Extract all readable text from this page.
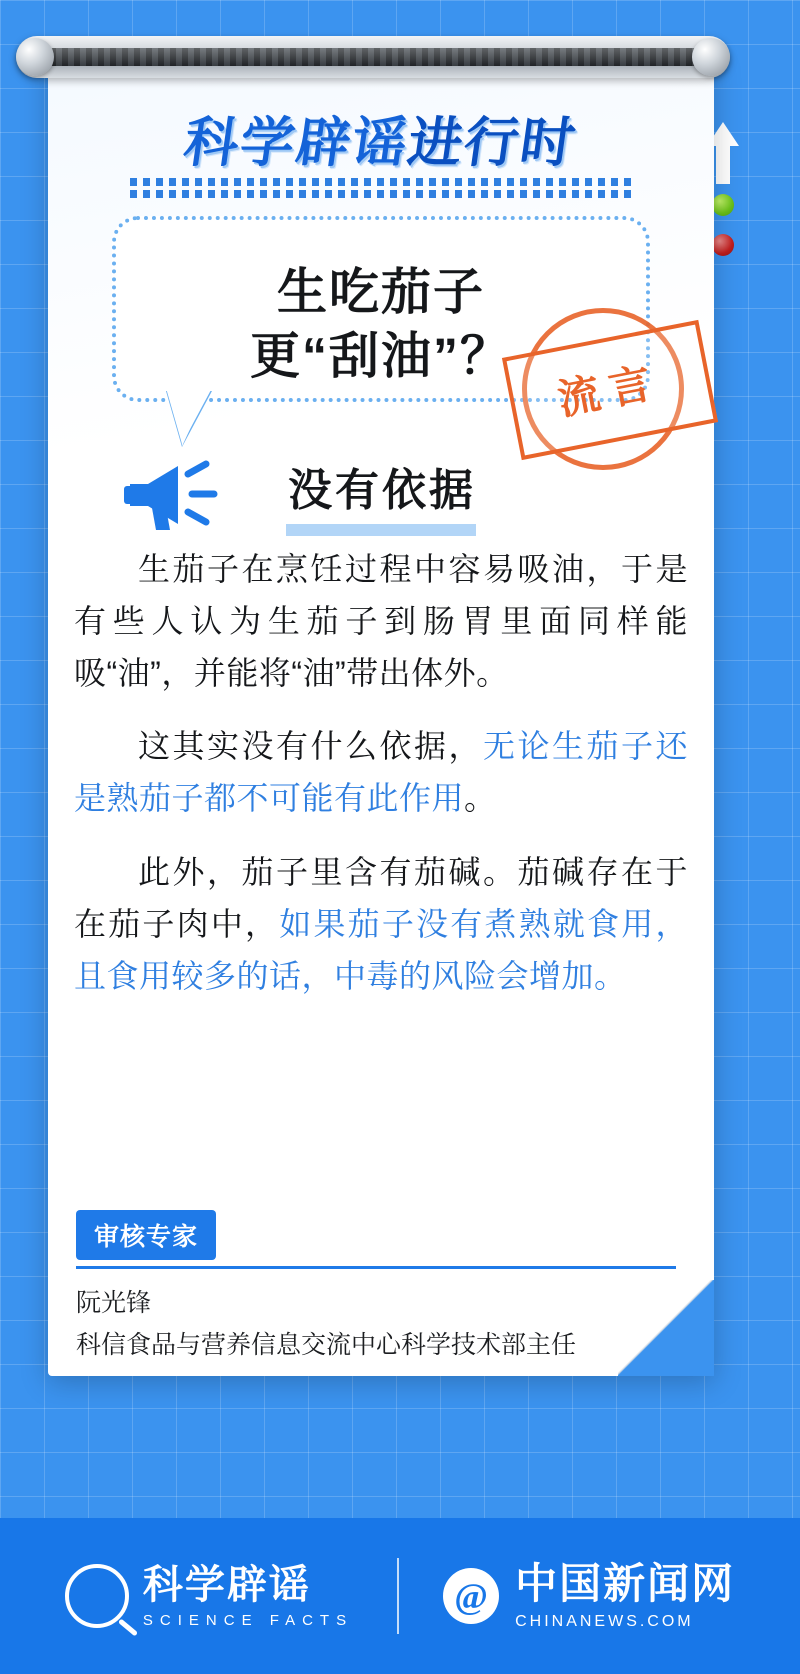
科学辟谣进行时
生吃茄子
更“刮油”？
流言
没有依据

生茄子在烹饪过程中容易吸油，于是有些人认为生茄子到肠胃里面同样能吸“油”，并能将“油”带出体外。

这其实没有什么依据，无论生茄子还是熟茄子都不可能有此作用。

此外，茄子里含有茄碱。茄碱存在于在茄子肉中，如果茄子没有煮熟就食用，且食用较多的话，中毒的风险会增加。

审核专家
阮光锋
科信食品与营养信息交流中心科学技术部主任
科学辟谣
SCIENCE FACTS
@ 中国新闻网
CHINANEWS.COM
